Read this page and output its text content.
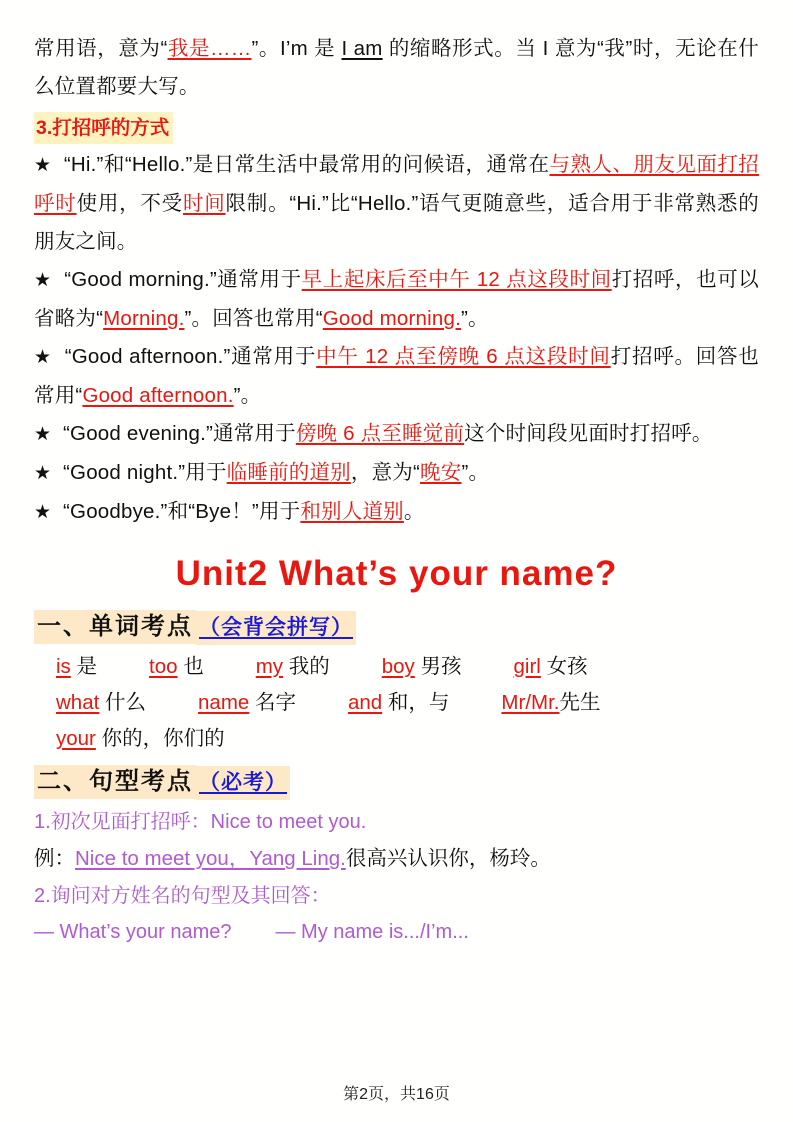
常用语，意为“我是……”。I’m 是 I am 的缩略形式。当 I 意为“我”时，无论在什么位置都要大写。

3.打招呼的方式

★ “Hi.”和“Hello.”是日常生活中最常用的问候语，通常在与熟人、朋友见面打招呼时使用，不受时间限制。“Hi.”比“Hello.”语气更随意些，适合用于非常熟悉的朋友之间。

★ “Good morning.”通常用于早上起床后至中午 12 点这段时间打招呼，也可以省略为“Morning.”。回答也常用“Good morning.”。

★ “Good afternoon.”通常用于中午 12 点至傍晚 6 点这段时间打招呼。回答也常用“Good afternoon.”。

★ “Good evening.”通常用于傍晚 6 点至睡觉前这个时间段见面时打招呼。

★ “Good night.”用于临睡前的道别，意为“晚安”。

★ “Goodbye.”和“Bye！”用于和别人道别。

Unit2 What’s your name?
一、单词考点 （会背会拼写）
is 是	too 也	my 我的	boy 男孩	girl 女孩
what 什么	name 名字	and 和，与	Mr/Mr.先生
your 你的，你们的
二、句型考点 （必考）
1.初次见面打招呼：Nice to meet you.
例：Nice to meet you，Yang Ling.很高兴认识你，杨玲。
2.询问对方姓名的句型及其回答：
— What’s your name? — My name is.../I’m...
第2页，共16页
